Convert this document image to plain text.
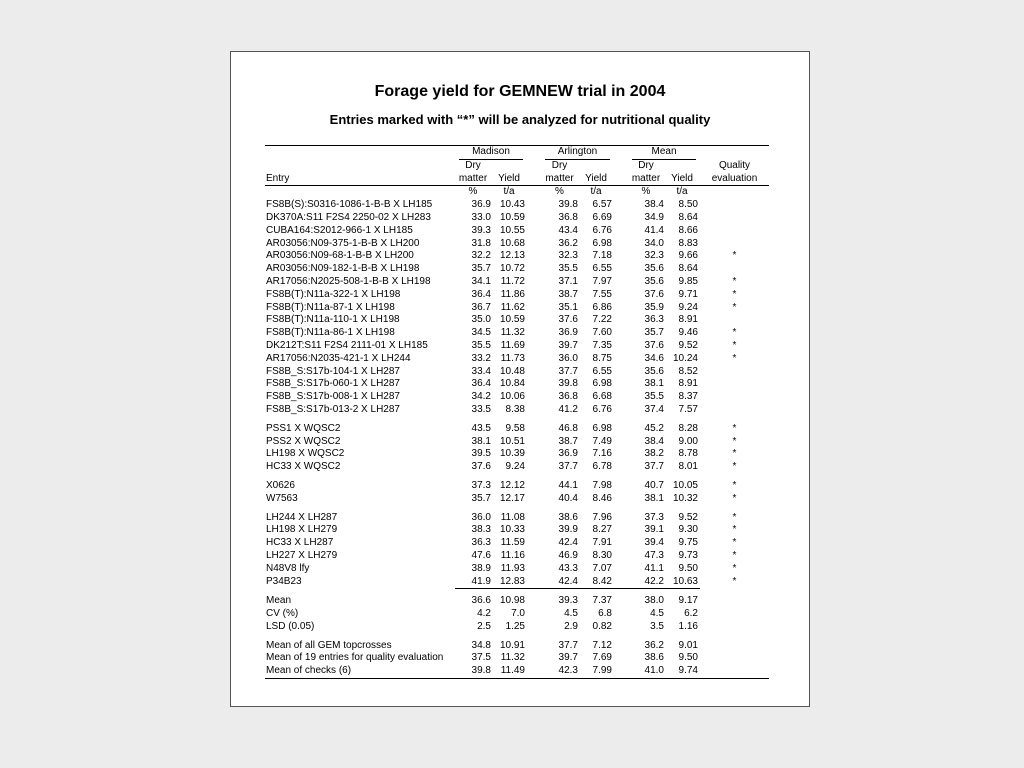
Forage yield for GEMNEW trial in 2004
Entries marked with “*” will be analyzed for nutritional quality

	Madison		Arlington		Mean		

	Dry		Dry		Dry		Quality
Entry	matter	Yield	matter	Yield	matter	Yield	evaluation
	%	t/a	%	t/a	%	t/a	
FS8B(S):S0316-1086-1-B-B X LH185	36.9	10.43	39.8	6.57	38.4	8.50	
DK370A:S11 F2S4 2250-02 X LH283	33.0	10.59	36.8	6.69	34.9	8.64	
CUBA164:S2012-966-1 X LH185	39.3	10.55	43.4	6.76	41.4	8.66	
AR03056:N09-375-1-B-B X LH200	31.8	10.68	36.2	6.98	34.0	8.83	
AR03056:N09-68-1-B-B X LH200	32.2	12.13	32.3	7.18	32.3	9.66	*
AR03056:N09-182-1-B-B X LH198	35.7	10.72	35.5	6.55	35.6	8.64	
AR17056:N2025-508-1-B-B X LH198	34.1	11.72	37.1	7.97	35.6	9.85	*
FS8B(T):N11a-322-1 X LH198	36.4	11.86	38.7	7.55	37.6	9.71	*
FS8B(T):N11a-87-1 X LH198	36.7	11.62	35.1	6.86	35.9	9.24	*
FS8B(T):N11a-110-1 X LH198	35.0	10.59	37.6	7.22	36.3	8.91	
FS8B(T):N11a-86-1 X LH198	34.5	11.32	36.9	7.60	35.7	9.46	*
DK212T:S11 F2S4 2111-01 X LH185	35.5	11.69	39.7	7.35	37.6	9.52	*
AR17056:N2035-421-1 X LH244	33.2	11.73	36.0	8.75	34.6	10.24	*
FS8B_S:S17b-104-1 X LH287	33.4	10.48	37.7	6.55	35.6	8.52	
FS8B_S:S17b-060-1 X LH287	36.4	10.84	39.8	6.98	38.1	8.91	
FS8B_S:S17b-008-1 X LH287	34.2	10.06	36.8	6.68	35.5	8.37	
FS8B_S:S17b-013-2 X LH287	33.5	8.38	41.2	6.76	37.4	7.57	

PSS1 X WQSC2	43.5	9.58	46.8	6.98	45.2	8.28	*
PSS2 X WQSC2	38.1	10.51	38.7	7.49	38.4	9.00	*
LH198 X WQSC2	39.5	10.39	36.9	7.16	38.2	8.78	*
HC33 X WQSC2	37.6	9.24	37.7	6.78	37.7	8.01	*

X0626	37.3	12.12	44.1	7.98	40.7	10.05	*
W7563	35.7	12.17	40.4	8.46	38.1	10.32	*

LH244 X LH287	36.0	11.08	38.6	7.96	37.3	9.52	*
LH198 X LH279	38.3	10.33	39.9	8.27	39.1	9.30	*
HC33 X LH287	36.3	11.59	42.4	7.91	39.4	9.75	*
LH227 X LH279	47.6	11.16	46.9	8.30	47.3	9.73	*
N48V8 lfy	38.9	11.93	43.3	7.07	41.1	9.50	*
P34B23	41.9	12.83	42.4	8.42	42.2	10.63	*

Mean	36.6	10.98	39.3	7.37	38.0	9.17	
CV (%)	4.2	7.0	4.5	6.8	4.5	6.2	
LSD (0.05)	2.5	1.25	2.9	0.82	3.5	1.16	

Mean of all GEM topcrosses	34.8	10.91	37.7	7.12	36.2	9.01	
Mean of 19 entries for quality evaluation	37.5	11.32	39.7	7.69	38.6	9.50	
Mean of checks (6)	39.8	11.49	42.3	7.99	41.0	9.74	
